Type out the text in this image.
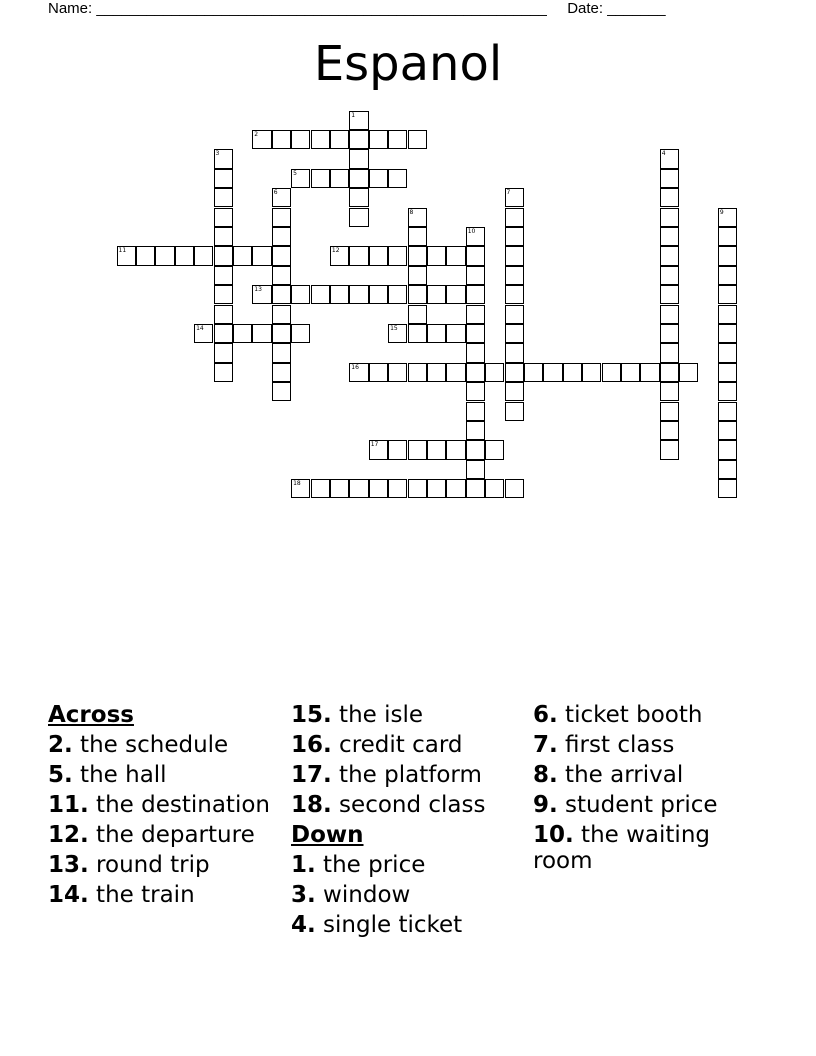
Name: ______________________________________________________ Date: _______
Espanol
1
2
3	4
5
6	7
8	9
10
11	12
13
14	15
16
17
18
Across
2. the schedule
5. the hall
11. the destination
12. the departure
13. round trip
14. the train
15. the isle
16. credit card
17. the platform
18. second class
Down
1. the price
3. window
4. single ticket
6. ticket booth
7. first class
8. the arrival
9. student price
10. the waiting room
